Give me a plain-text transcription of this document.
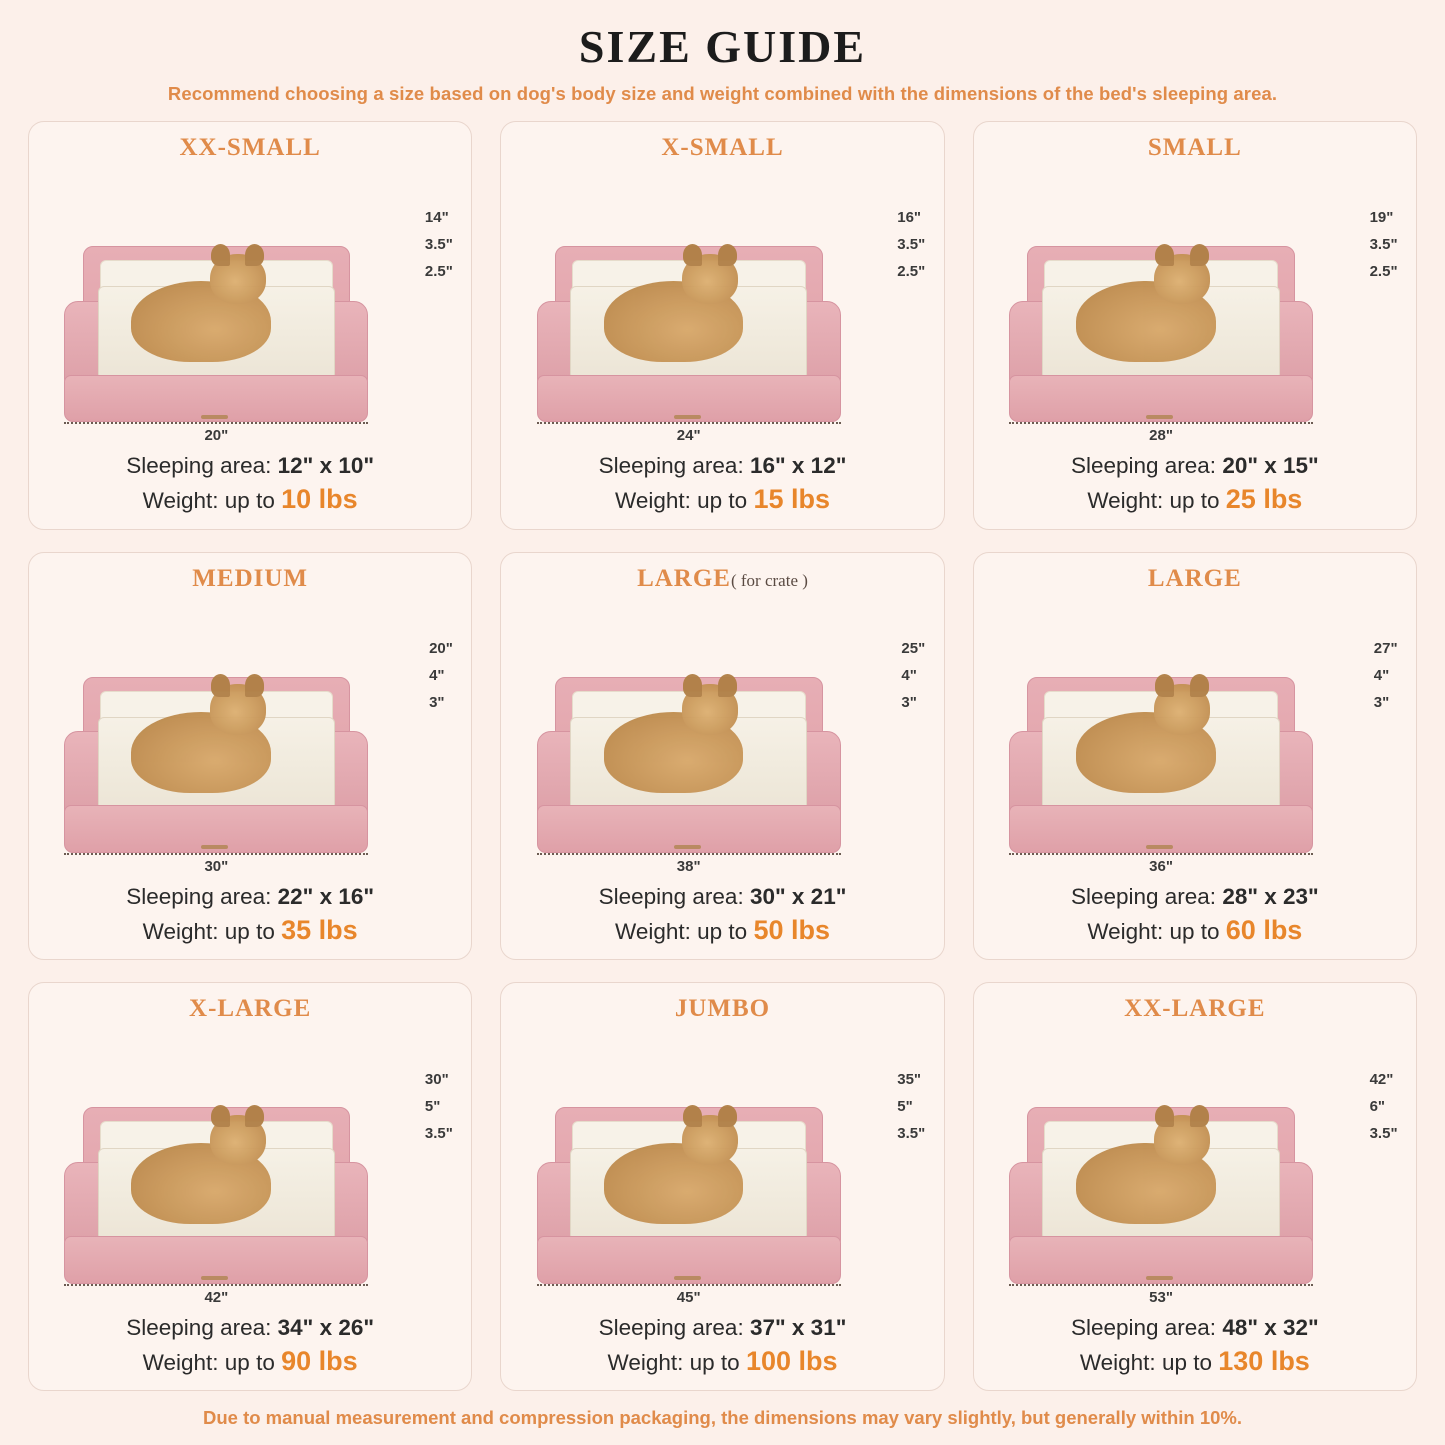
SIZE GUIDE
Recommend choosing a size based on dog's body size and weight combined with the dimensions of the bed's sleeping area.
XX-SMALL
14"
3.5"
2.5"
20"
Sleeping area: 12" x 10"
Weight: up to 10 lbs
X-SMALL
16"
3.5"
2.5"
24"
Sleeping area: 16" x 12"
Weight: up to 15 lbs
SMALL
19"
3.5"
2.5"
28"
Sleeping area: 20" x 15"
Weight: up to 25 lbs
MEDIUM
20"
4"
3"
30"
Sleeping area: 22" x 16"
Weight: up to 35 lbs
LARGE( for crate )
25"
4"
3"
38"
Sleeping area: 30" x 21"
Weight: up to 50 lbs
LARGE
27"
4"
3"
36"
Sleeping area: 28" x 23"
Weight: up to 60 lbs
X-LARGE
30"
5"
3.5"
42"
Sleeping area: 34" x 26"
Weight: up to 90 lbs
JUMBO
35"
5"
3.5"
45"
Sleeping area: 37" x 31"
Weight: up to 100 lbs
XX-LARGE
42"
6"
3.5"
53"
Sleeping area: 48" x 32"
Weight: up to 130 lbs
Due to manual measurement and compression packaging, the dimensions may vary slightly, but generally within 10%.
